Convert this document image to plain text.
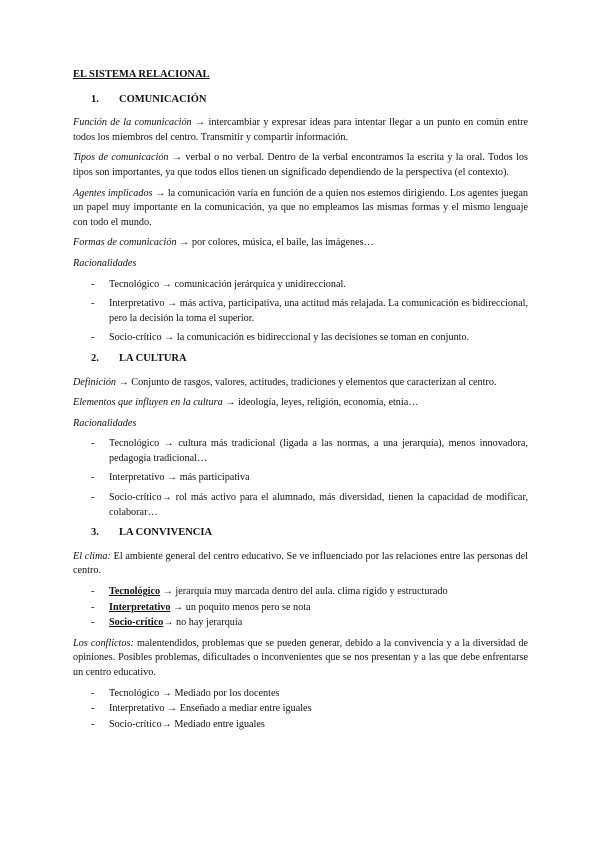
EL SISTEMA RELACIONAL
1.	COMUNICACIÓN
Función de la comunicación → intercambiar y expresar ideas para intentar llegar a un punto en común entre todos los miembros del centro. Transmitir y compartir información.
Tipos de comunicación → verbal o no verbal. Dentro de la verbal encontramos la escrita y la oral. Todos los tipos son importantes, ya que todos ellos tienen un significado dependiendo de la perspectiva (el contexto).
Agentes implicados → la comunicación varía en función de a quien nos estemos dirigiendo. Los agentes juegan un papel muy importante en la comunicación, ya que no empleamos las mismas formas y el mismo lenguaje con todo el mundo.
Formas de comunicación → por colores, música, el baile, las imágenes…
Racionalidades
-	Tecnológico → comunicación jerárquica y unidireccional.
-	Interpretativo → más activa, participativa, una actitud más relajada. La comunicación es bidireccional, pero la decisión la toma el superior.
-	Socio-crítico → la comunicación es bidireccional y las decisiones se toman en conjunto.
2.	LA CULTURA
Definición → Conjunto de rasgos, valores, actitudes, tradiciones y elementos que caracterizan al centro.
Elementos que influyen en la cultura → ideología, leyes, religión, economía, etnia…
Racionalidades
-	Tecnológico → cultura más tradicional (ligada a las normas, a una jerarquía), menos innovadora, pedagogía tradicional…
-	Interpretativo → más participativa
-	Socio-crítico→ rol más activo para el alumnado, más diversidad, tienen la capacidad de modificar, colaborar…
3.	LA CONVIVENCIA
El clima: El ambiente general del centro educativo. Se ve influenciado por las relaciones entre las personas del centro.
-	Tecnológico → jerarquía muy marcada dentro del aula. clima rígido y estructurado
-	Interpretativo → un poquito menos pero se nota
-	Socio-crítico→ no hay jerarquía
Los conflictos: malentendidos, problemas que se pueden generar, debido a la convivencia y a la diversidad de opiniones. Posibles problemas, dificultades o inconvenientes que se nos presentan y a las que debe enfrentarse un centro educativo.
-	Tecnológico → Mediado por los docentes
-	Interpretativo → Enseñado a mediar entre iguales
-	Socio-crítico→ Mediado entre iguales
